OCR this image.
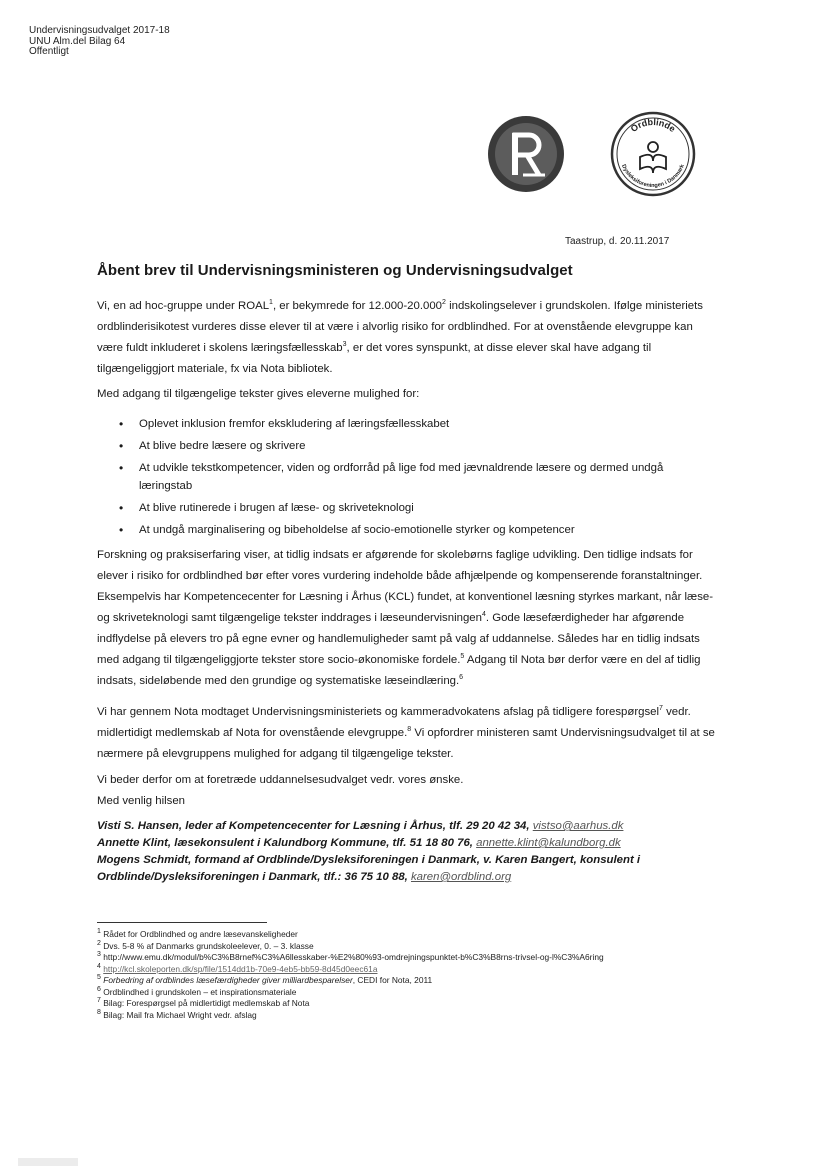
Undervisningsudvalget 2017-18
UNU Alm.del Bilag 64
Offentligt
Ordblinde
Dysleksiforeningen i Danmark
Taastrup, d. 20.11.2017
Åbent brev til Undervisningsministeren og Undervisningsudvalget

Vi, en ad hoc-gruppe under ROAL$^1$, er bekymrede for 12.000-20.000$^2$ indskolingselever i grundskolen. Ifølge ministeriets ordblinderisikotest vurderes disse elever til at være i alvorlig risiko for ordblindhed. For at ovenstående elevgruppe kan være fuldt inkluderet i skolens læringsfællesskab$^3$, er det vores synspunkt, at disse elever skal have adgang til tilgængeliggjort materiale, fx via Nota bibliotek.

Med adgang til tilgængelige tekster gives eleverne mulighed for:

• Oplevet inklusion fremfor ekskludering af læringsfællesskabet
• At blive bedre læsere og skrivere
• At udvikle tekstkompetencer, viden og ordforråd på lige fod med jævnaldrende læsere og dermed undgå læringstab
• At blive rutinerede i brugen af læse- og skriveteknologi
• At undgå marginalisering og bibeholdelse af socio-emotionelle styrker og kompetencer

Forskning og praksiserfaring viser, at tidlig indsats er afgørende for skolebørns faglige udvikling. Den tidlige indsats for elever i risiko for ordblindhed bør efter vores vurdering indeholde både afhjælpende og kompenserende foranstaltninger. Eksempelvis har Kompetencecenter for Læsning i Århus (KCL) fundet, at konventionel læsning styrkes markant, når læse- og skriveteknologi samt tilgængelige tekster inddrages i læseundervisningen$^4$. Gode læsefærdigheder har afgørende indflydelse på elevers tro på egne evner og handlemuligheder samt på valg af uddannelse. Således har en tidlig indsats med adgang til tilgængeliggjorte tekster store socio-økonomiske fordele.$^5$ Adgang til Nota bør derfor være en del af tidlig indsats, sideløbende med den grundige og systematiske læseindlæring.$^6$

Vi har gennem Nota modtaget Undervisningsministeriets og kammeradvokatens afslag på tidligere forespørgsel$^7$ vedr. midlertidigt medlemskab af Nota for ovenstående elevgruppe.$^8$ Vi opfordrer ministeren samt Undervisningsudvalget til at se nærmere på elevgruppens mulighed for adgang til tilgængelige tekster.

Vi beder derfor om at foretræde uddannelsesudvalget vedr. vores ønske.

Med venlig hilsen

Visti S. Hansen, leder af Kompetencecenter for Læsning i Århus, tlf. 29 20 42 34, vistso@aarhus.dk
Annette Klint, læsekonsulent i Kalundborg Kommune, tlf. 51 18 80 76, annette.klint@kalundborg.dk
Mogens Schmidt, formand af Ordblinde/Dysleksiforeningen i Danmark, v. Karen Bangert, konsulent i
Ordblinde/Dysleksiforeningen i Danmark, tlf.: 36 75 10 88, karen@ordblind.org
$^1$ Rådet for Ordblindhed og andre læsevanskeligheder
$^2$ Dvs. 5-8 % af Danmarks grundskoleelever, 0. – 3. klasse
$^3$ http://www.emu.dk/modul/b%C3%B8rnef%C3%A6llesskaber-%E2%80%93-omdrejningspunktet-b%C3%B8rns-trivsel-og-l%C3%A6ring
$^4$ http://kcl.skoleporten.dk/sp/file/1514dd1b-70e9-4eb5-bb59-8d45d0eec61a
$^5$ Forbedring af ordblindes læsefærdigheder giver milliardbesparelser, CEDI for Nota, 2011
$^6$ Ordblindhed i grundskolen – et inspirationsmateriale
$^7$ Bilag: Forespørgsel på midlertidigt medlemskab af Nota
$^8$ Bilag: Mail fra Michael Wright vedr. afslag
